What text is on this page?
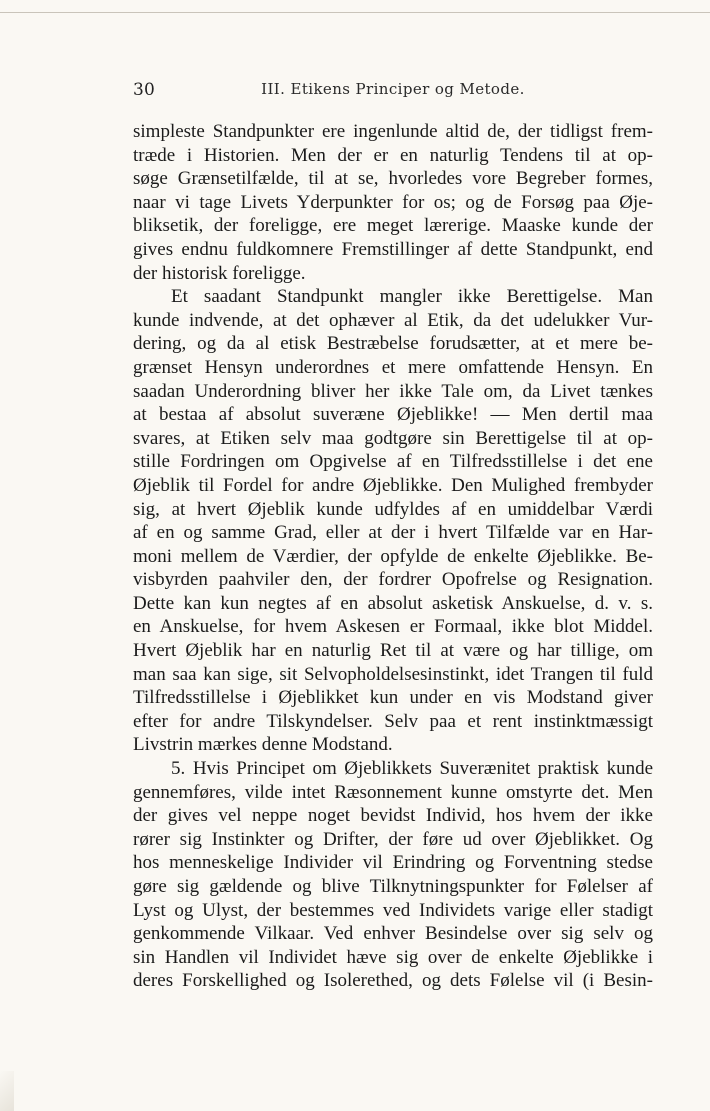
30	III. Etikens Principer og Metode.
simpleste Standpunkter ere ingenlunde altid de, der tidligst frem-
træde i Historien. Men der er en naturlig Tendens til at op-
søge Grænsetilfælde, til at se, hvorledes vore Begreber formes,
naar vi tage Livets Yderpunkter for os; og de Forsøg paa Øje-
bliksetik, der foreligge, ere meget lærerige. Maaske kunde der
gives endnu fuldkomnere Fremstillinger af dette Standpunkt, end
der historisk foreligge.
Et saadant Standpunkt mangler ikke Berettigelse. Man
kunde indvende, at det ophæver al Etik, da det udelukker Vur-
dering, og da al etisk Bestræbelse forudsætter, at et mere be-
grænset Hensyn underordnes et mere omfattende Hensyn. En
saadan Underordning bliver her ikke Tale om, da Livet tænkes
at bestaa af absolut suveræne Øjeblikke! — Men dertil maa
svares, at Etiken selv maa godtgøre sin Berettigelse til at op-
stille Fordringen om Opgivelse af en Tilfredsstillelse i det ene
Øjeblik til Fordel for andre Øjeblikke. Den Mulighed frembyder
sig, at hvert Øjeblik kunde udfyldes af en umiddelbar Værdi
af en og samme Grad, eller at der i hvert Tilfælde var en Har-
moni mellem de Værdier, der opfylde de enkelte Øjeblikke. Be-
visbyrden paahviler den, der fordrer Opofrelse og Resignation.
Dette kan kun negtes af en absolut asketisk Anskuelse, d. v. s.
en Anskuelse, for hvem Askesen er Formaal, ikke blot Middel.
Hvert Øjeblik har en naturlig Ret til at være og har tillige, om
man saa kan sige, sit Selvopholdelsesinstinkt, idet Trangen til fuld
Tilfredsstillelse i Øjeblikket kun under en vis Modstand giver
efter for andre Tilskyndelser. Selv paa et rent instinktmæssigt
Livstrin mærkes denne Modstand.
5. Hvis Principet om Øjeblikkets Suverænitet praktisk kunde
gennemføres, vilde intet Ræsonnement kunne omstyrte det. Men
der gives vel neppe noget bevidst Individ, hos hvem der ikke
rører sig Instinkter og Drifter, der føre ud over Øjeblikket. Og
hos menneskelige Individer vil Erindring og Forventning stedse
gøre sig gældende og blive Tilknytningspunkter for Følelser af
Lyst og Ulyst, der bestemmes ved Individets varige eller stadigt
genkommende Vilkaar. Ved enhver Besindelse over sig selv og
sin Handlen vil Individet hæve sig over de enkelte Øjeblikke i
deres Forskellighed og Isolerethed, og dets Følelse vil (i Besin-
